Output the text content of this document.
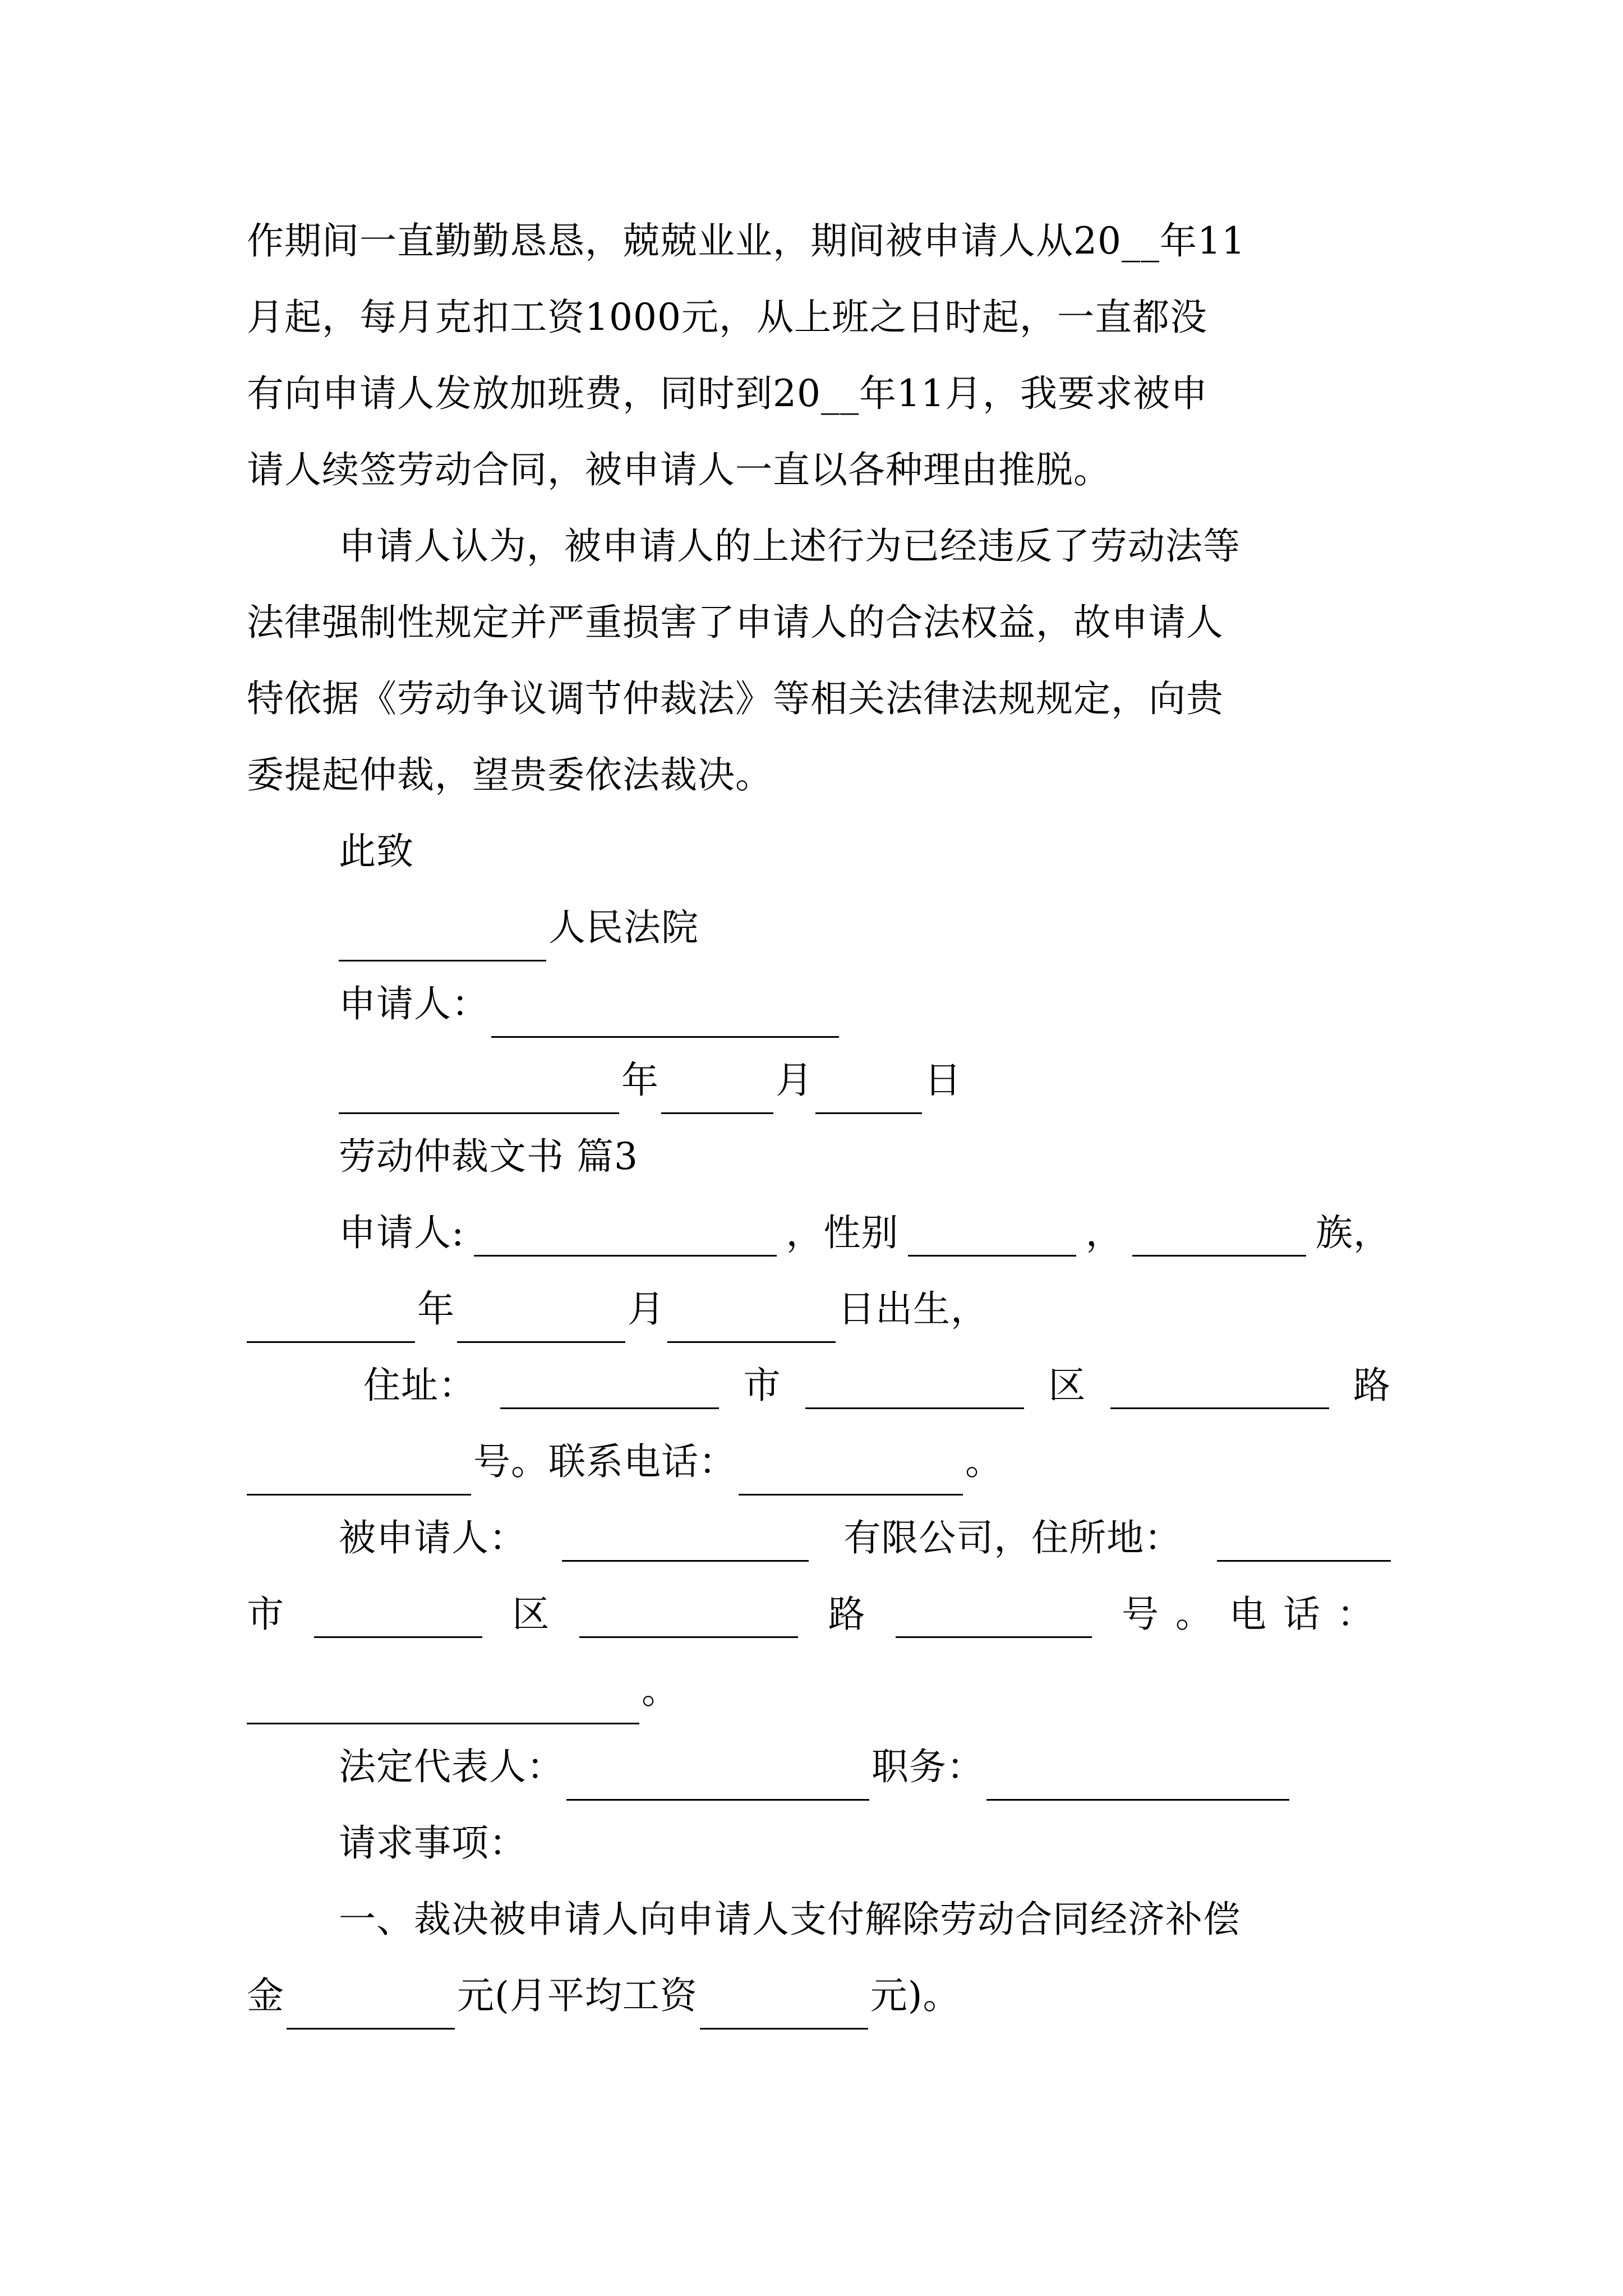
作期间一直勤勤恳恳，兢兢业业，期间被申请人从20__年11
月起，每月克扣工资1000元，从上班之日时起，一直都没
有向申请人发放加班费，同时到20__年11月，我要求被申
请人续签劳动合同，被申请人一直以各种理由推脱。
申请人认为，被申请人的上述行为已经违反了劳动法等
法律强制性规定并严重损害了申请人的合法权益，故申请人
特依据《劳动争议调节仲裁法》等相关法律法规规定，向贵
委提起仲裁，望贵委依法裁决。
此致
人民法院
申请人：
年	月	日
劳动仲裁文书 篇3
申请人:	，性别	，	族，
年	月	日出生，
住址：	市	区	路
号。联系电话：	。
被申请人：	有限公司，住所地：
市	区	路	号。电话：
。
法定代表人：	职务：
请求事项：
一、裁决被申请人向申请人支付解除劳动合同经济补偿
金	元(月平均工资	元)。
